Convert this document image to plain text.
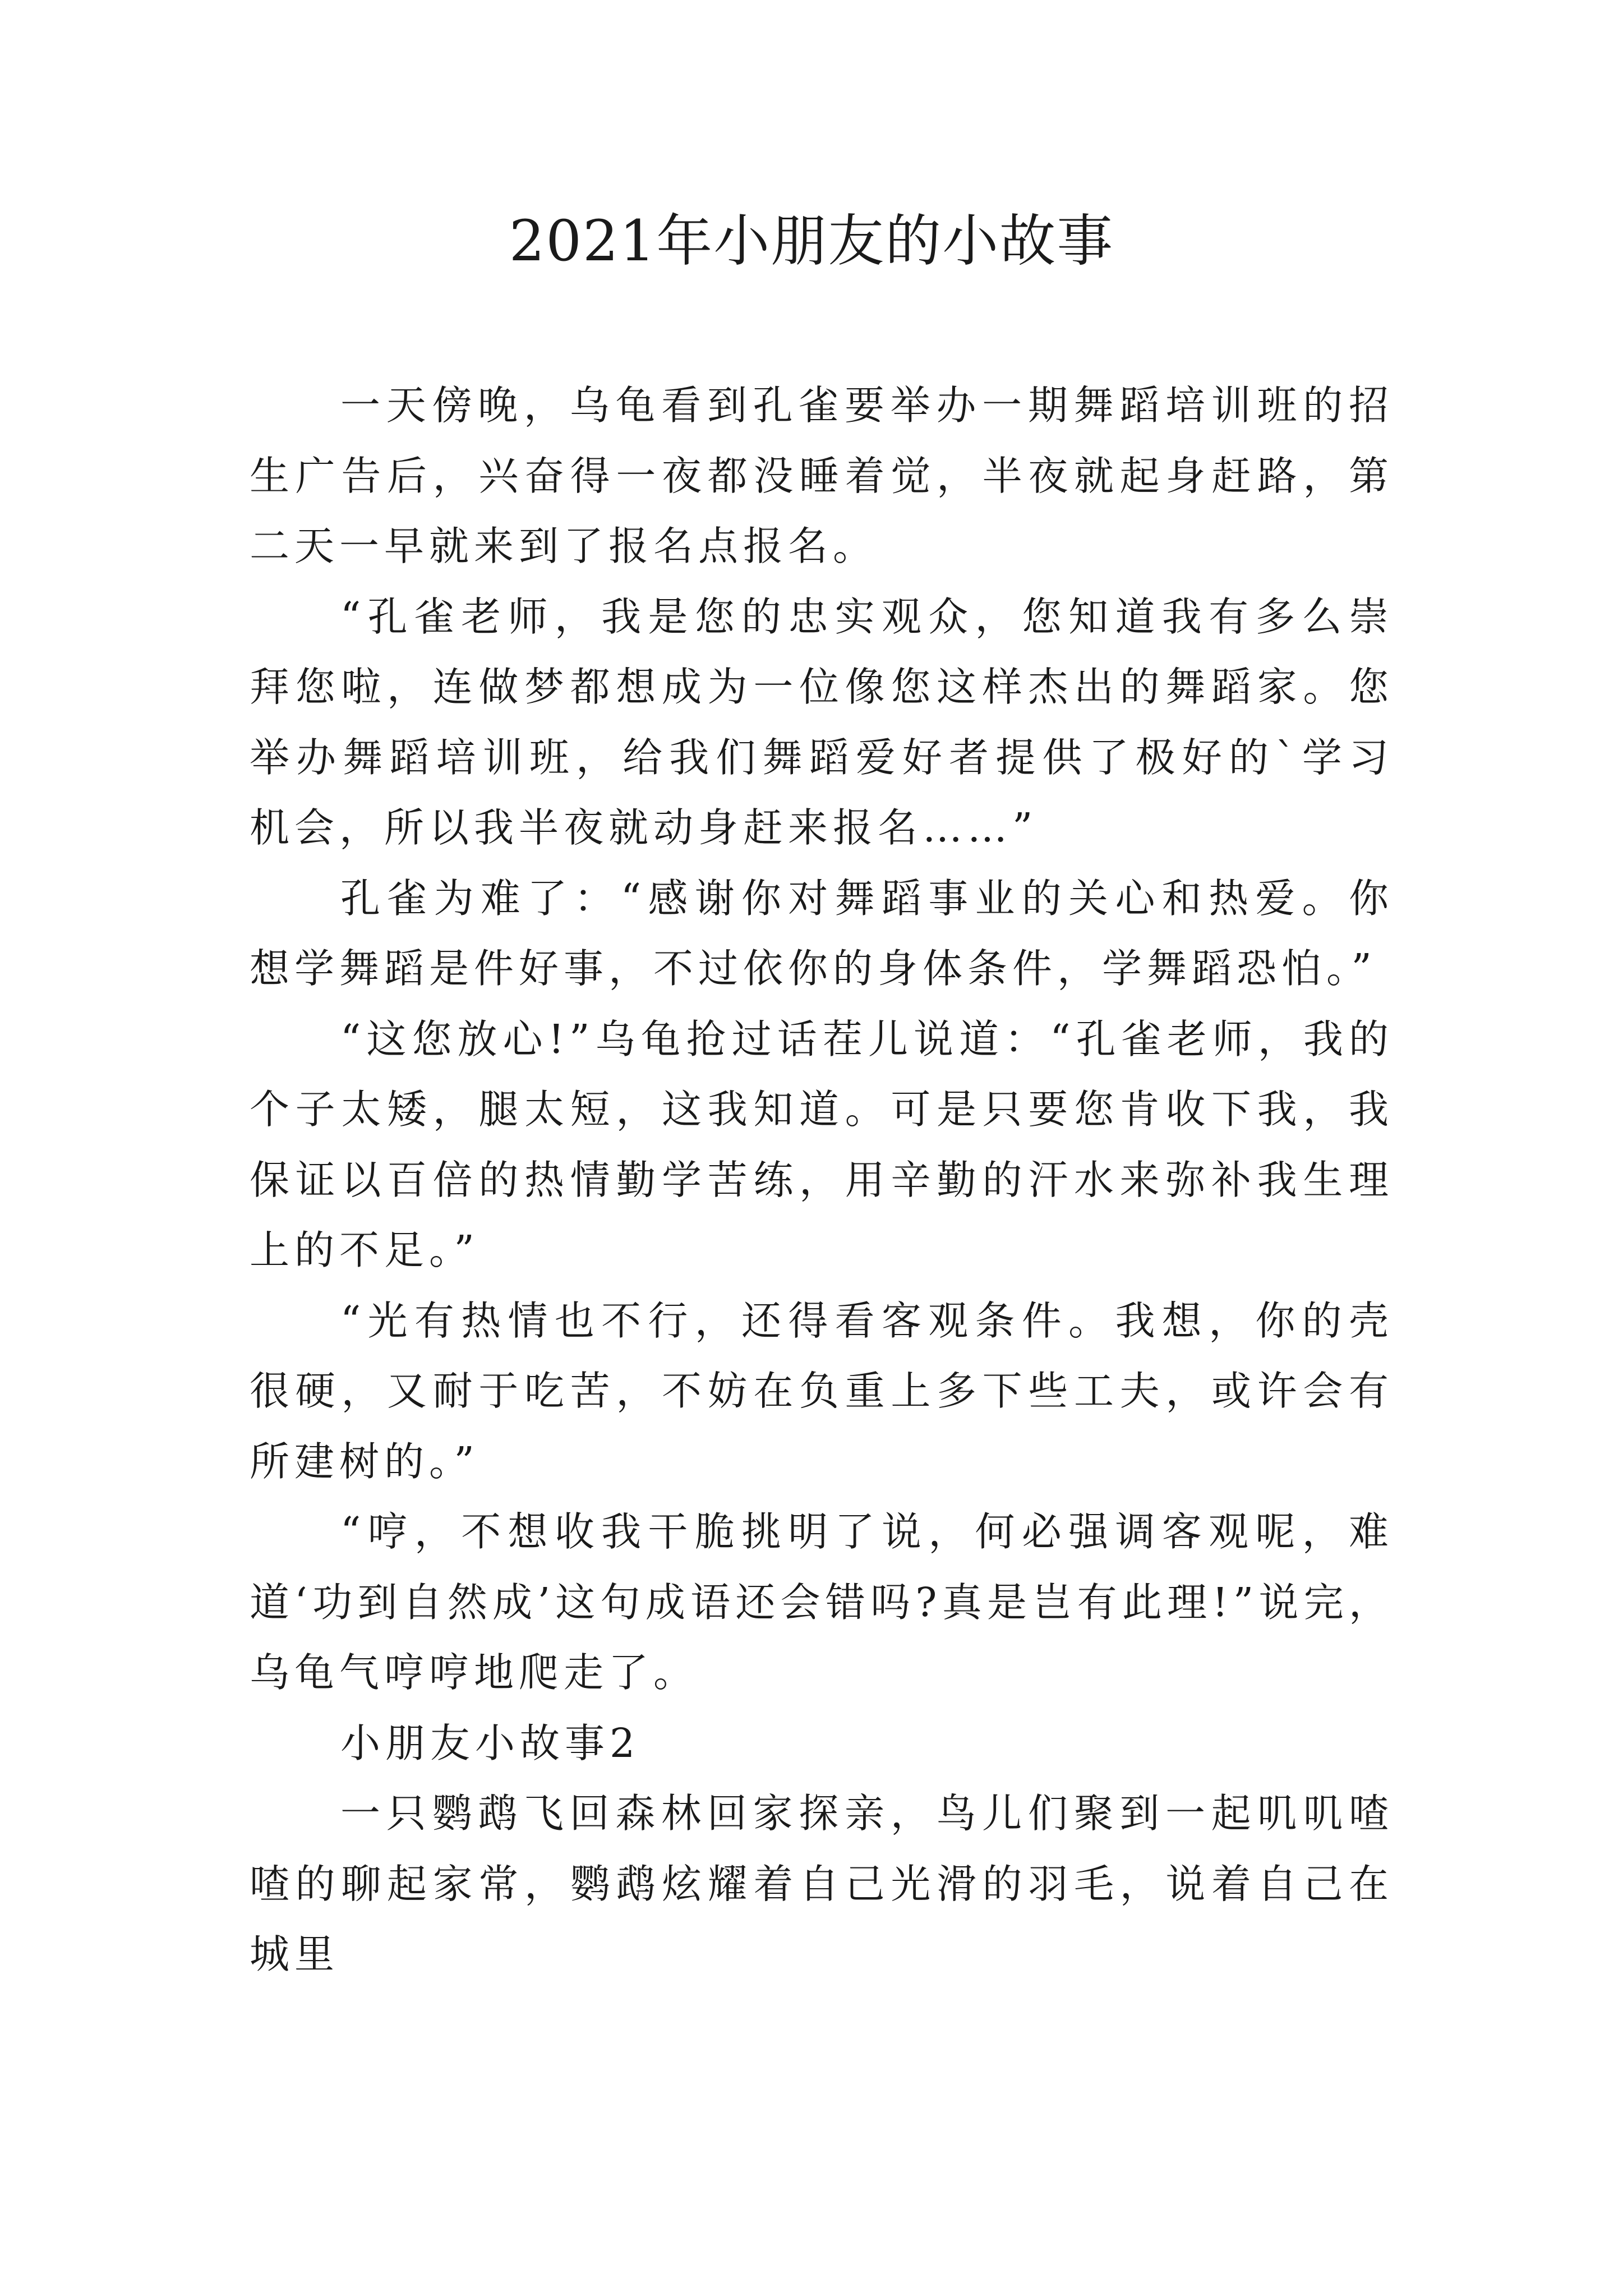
2021年小朋友的小故事

一天傍晚，乌龟看到孔雀要举办一期舞蹈培训班的招生广告后，兴奋得一夜都没睡着觉，半夜就起身赶路，第二天一早就来到了报名点报名。

“孔雀老师，我是您的忠实观众，您知道我有多么崇拜您啦，连做梦都想成为一位像您这样杰出的舞蹈家。您举办舞蹈培训班，给我们舞蹈爱好者提供了极好的`学习机会，所以我半夜就动身赶来报名……”

孔雀为难了：“感谢你对舞蹈事业的关心和热爱。你想学舞蹈是件好事，不过依你的身体条件，学舞蹈恐怕。”

“这您放心!”乌龟抢过话茬儿说道：“孔雀老师，我的个子太矮，腿太短，这我知道。可是只要您肯收下我，我保证以百倍的热情勤学苦练，用辛勤的汗水来弥补我生理上的不足。”

“光有热情也不行，还得看客观条件。我想，你的壳很硬，又耐于吃苦，不妨在负重上多下些工夫，或许会有所建树的。”

“哼，不想收我干脆挑明了说，何必强调客观呢，难道‘功到自然成’这句成语还会错吗?真是岂有此理!”说完，乌龟气哼哼地爬走了。

小朋友小故事2

一只鹦鹉飞回森林回家探亲，鸟儿们聚到一起叽叽喳喳的聊起家常，鹦鹉炫耀着自己光滑的羽毛，说着自己在城里
